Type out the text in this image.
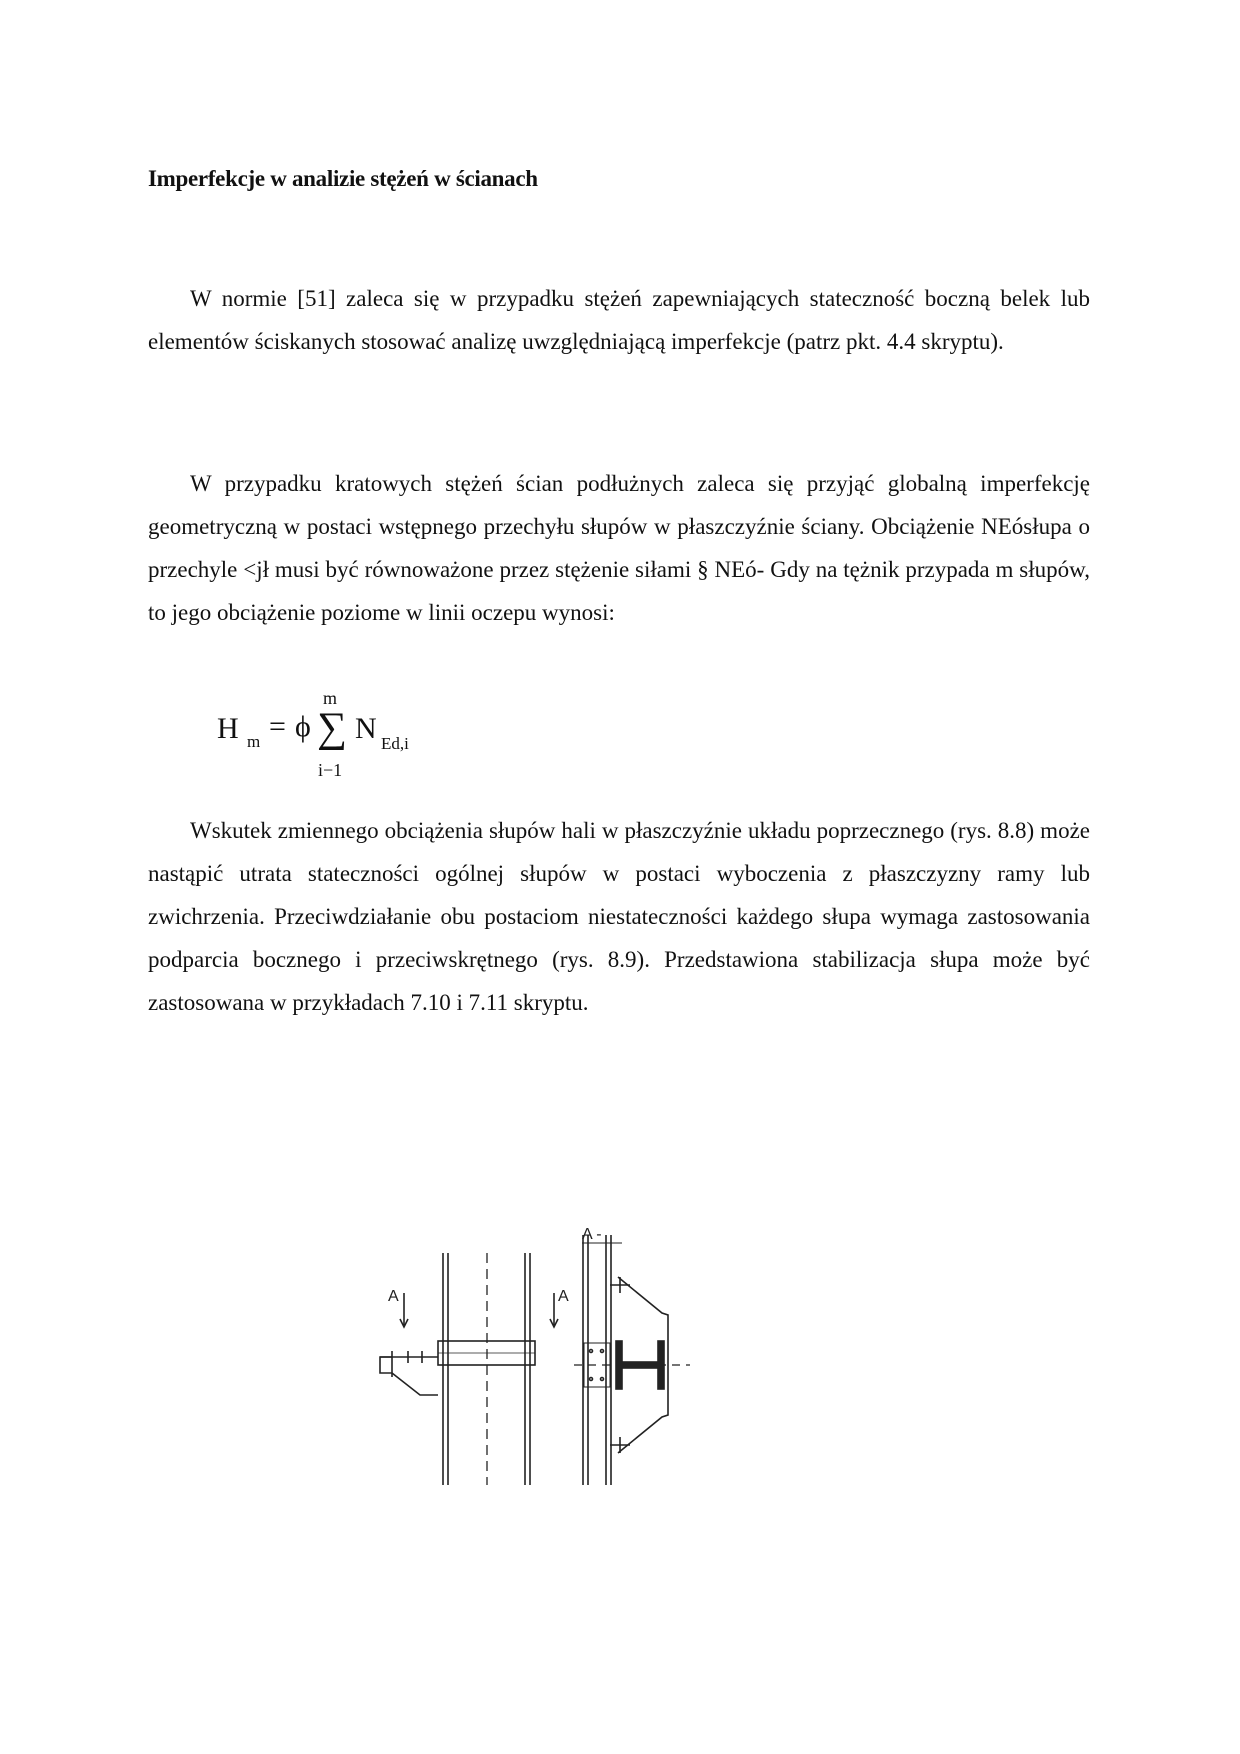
Imperfekcje w analizie stężeń w ścianach

W normie [51] zaleca się w przypadku stężeń zapewniających stateczność boczną belek lub elementów ściskanych stosować analizę uwzględniającą imperfekcje (patrz pkt. 4.4 skryptu).

W przypadku kratowych stężeń ścian podłużnych zaleca się przyjąć globalną imperfekcję geometryczną w postaci wstępnego przechyłu słupów w płaszczyźnie ściany. Obciążenie NEósłupa o przechyle <jł musi być równoważone przez stężenie siłami § NEó- Gdy na tężnik przypada m słupów, to jego obciążenie poziome w linii oczepu wynosi:

H m = ϕ ∑
m
i−1
N Ed,i

Wskutek zmiennego obciążenia słupów hali w płaszczyźnie układu poprzecznego (rys. 8.8) może nastąpić utrata stateczności ogólnej słupów w postaci wyboczenia z płaszczyzny ramy lub zwichrzenia. Przeciwdziałanie obu postaciom niestateczności każdego słupa wymaga zastosowania podparcia bocznego i przeciwskrętnego (rys. 8.9). Przedstawiona stabilizacja słupa może być zastosowana w przykładach 7.10 i 7.11 skryptu.

A -
A	A
